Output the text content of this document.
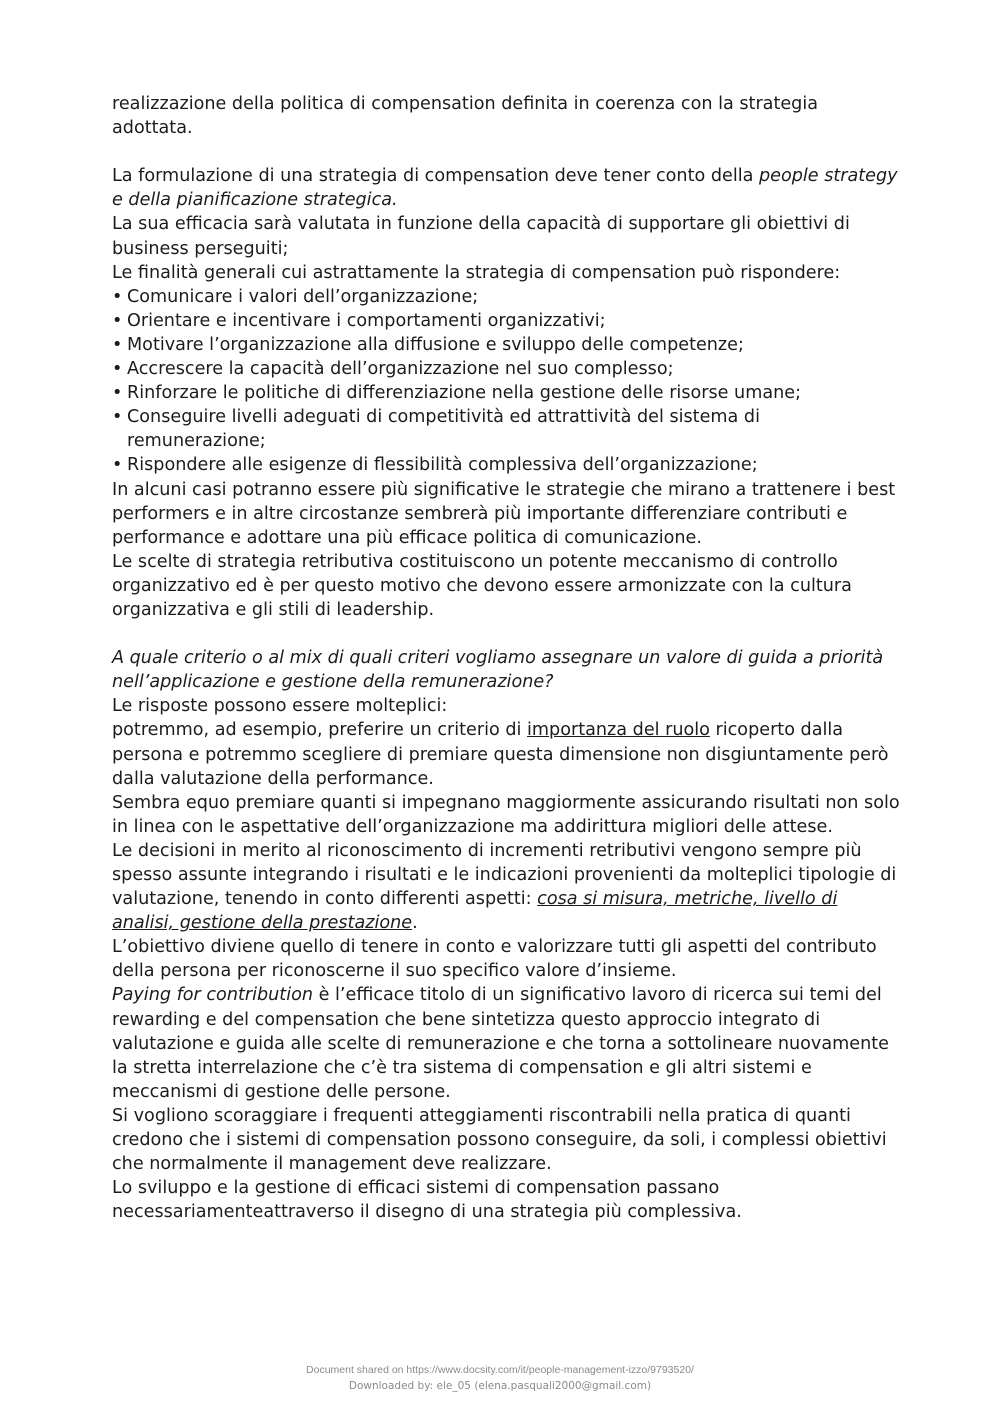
realizzazione della politica di compensation definita in coerenza con la strategia adottata.

La formulazione di una strategia di compensation deve tener conto della people strategy e della pianificazione strategica.

La sua efficacia sarà valutata in funzione della capacità di supportare gli obiettivi di business perseguiti;

Le finalità generali cui astrattamente la strategia di compensation può rispondere:

• Comunicare i valori dell’organizzazione;
• Orientare e incentivare i comportamenti organizzativi;
• Motivare l’organizzazione alla diffusione e sviluppo delle competenze;
• Accrescere la capacità dell’organizzazione nel suo complesso;
• Rinforzare le politiche di differenziazione nella gestione delle risorse umane;
• Conseguire livelli adeguati di competitività ed attrattività del sistema di remunerazione;
• Rispondere alle esigenze di flessibilità complessiva dell’organizzazione;

In alcuni casi potranno essere più significative le strategie che mirano a trattenere i best performers e in altre circostanze sembrerà più importante differenziare contributi e performance e adottare una più efficace politica di comunicazione.

Le scelte di strategia retributiva costituiscono un potente meccanismo di controllo organizzativo ed è per questo motivo che devono essere armonizzate con la cultura organizzativa e gli stili di leadership.

A quale criterio o al mix di quali criteri vogliamo assegnare un valore di guida a priorità nell’applicazione e gestione della remunerazione?

Le risposte possono essere molteplici:

potremmo, ad esempio, preferire un criterio di importanza del ruolo ricoperto dalla persona e potremmo scegliere di premiare questa dimensione non disgiuntamente però dalla valutazione della performance.

Sembra equo premiare quanti si impegnano maggiormente assicurando risultati non solo in linea con le aspettative dell’organizzazione ma addirittura migliori delle attese.

Le decisioni in merito al riconoscimento di incrementi retributivi vengono sempre più spesso assunte integrando i risultati e le indicazioni provenienti da molteplici tipologie di valutazione, tenendo in conto differenti aspetti: cosa si misura, metriche, livello di analisi, gestione della prestazione.

L’obiettivo diviene quello di tenere in conto e valorizzare tutti gli aspetti del contributo della persona per riconoscerne il suo specifico valore d’insieme.

Paying for contribution è l’efficace titolo di un significativo lavoro di ricerca sui temi del rewarding e del compensation che bene sintetizza questo approccio integrato di valutazione e guida alle scelte di remunerazione e che torna a sottolineare nuovamente la stretta interrelazione che c’è tra sistema di compensation e gli altri sistemi e meccanismi di gestione delle persone.

Si vogliono scoraggiare i frequenti atteggiamenti riscontrabili nella pratica di quanti credono che i sistemi di compensation possono conseguire, da soli, i complessi obiettivi che normalmente il management deve realizzare.

Lo sviluppo e la gestione di efficaci sistemi di compensation passano necessariamenteattraverso il disegno di una strategia più complessiva.

Document shared on https://www.docsity.com/it/people-management-izzo/9793520/
Downloaded by: ele_05 (elena.pasquali2000@gmail.com)
